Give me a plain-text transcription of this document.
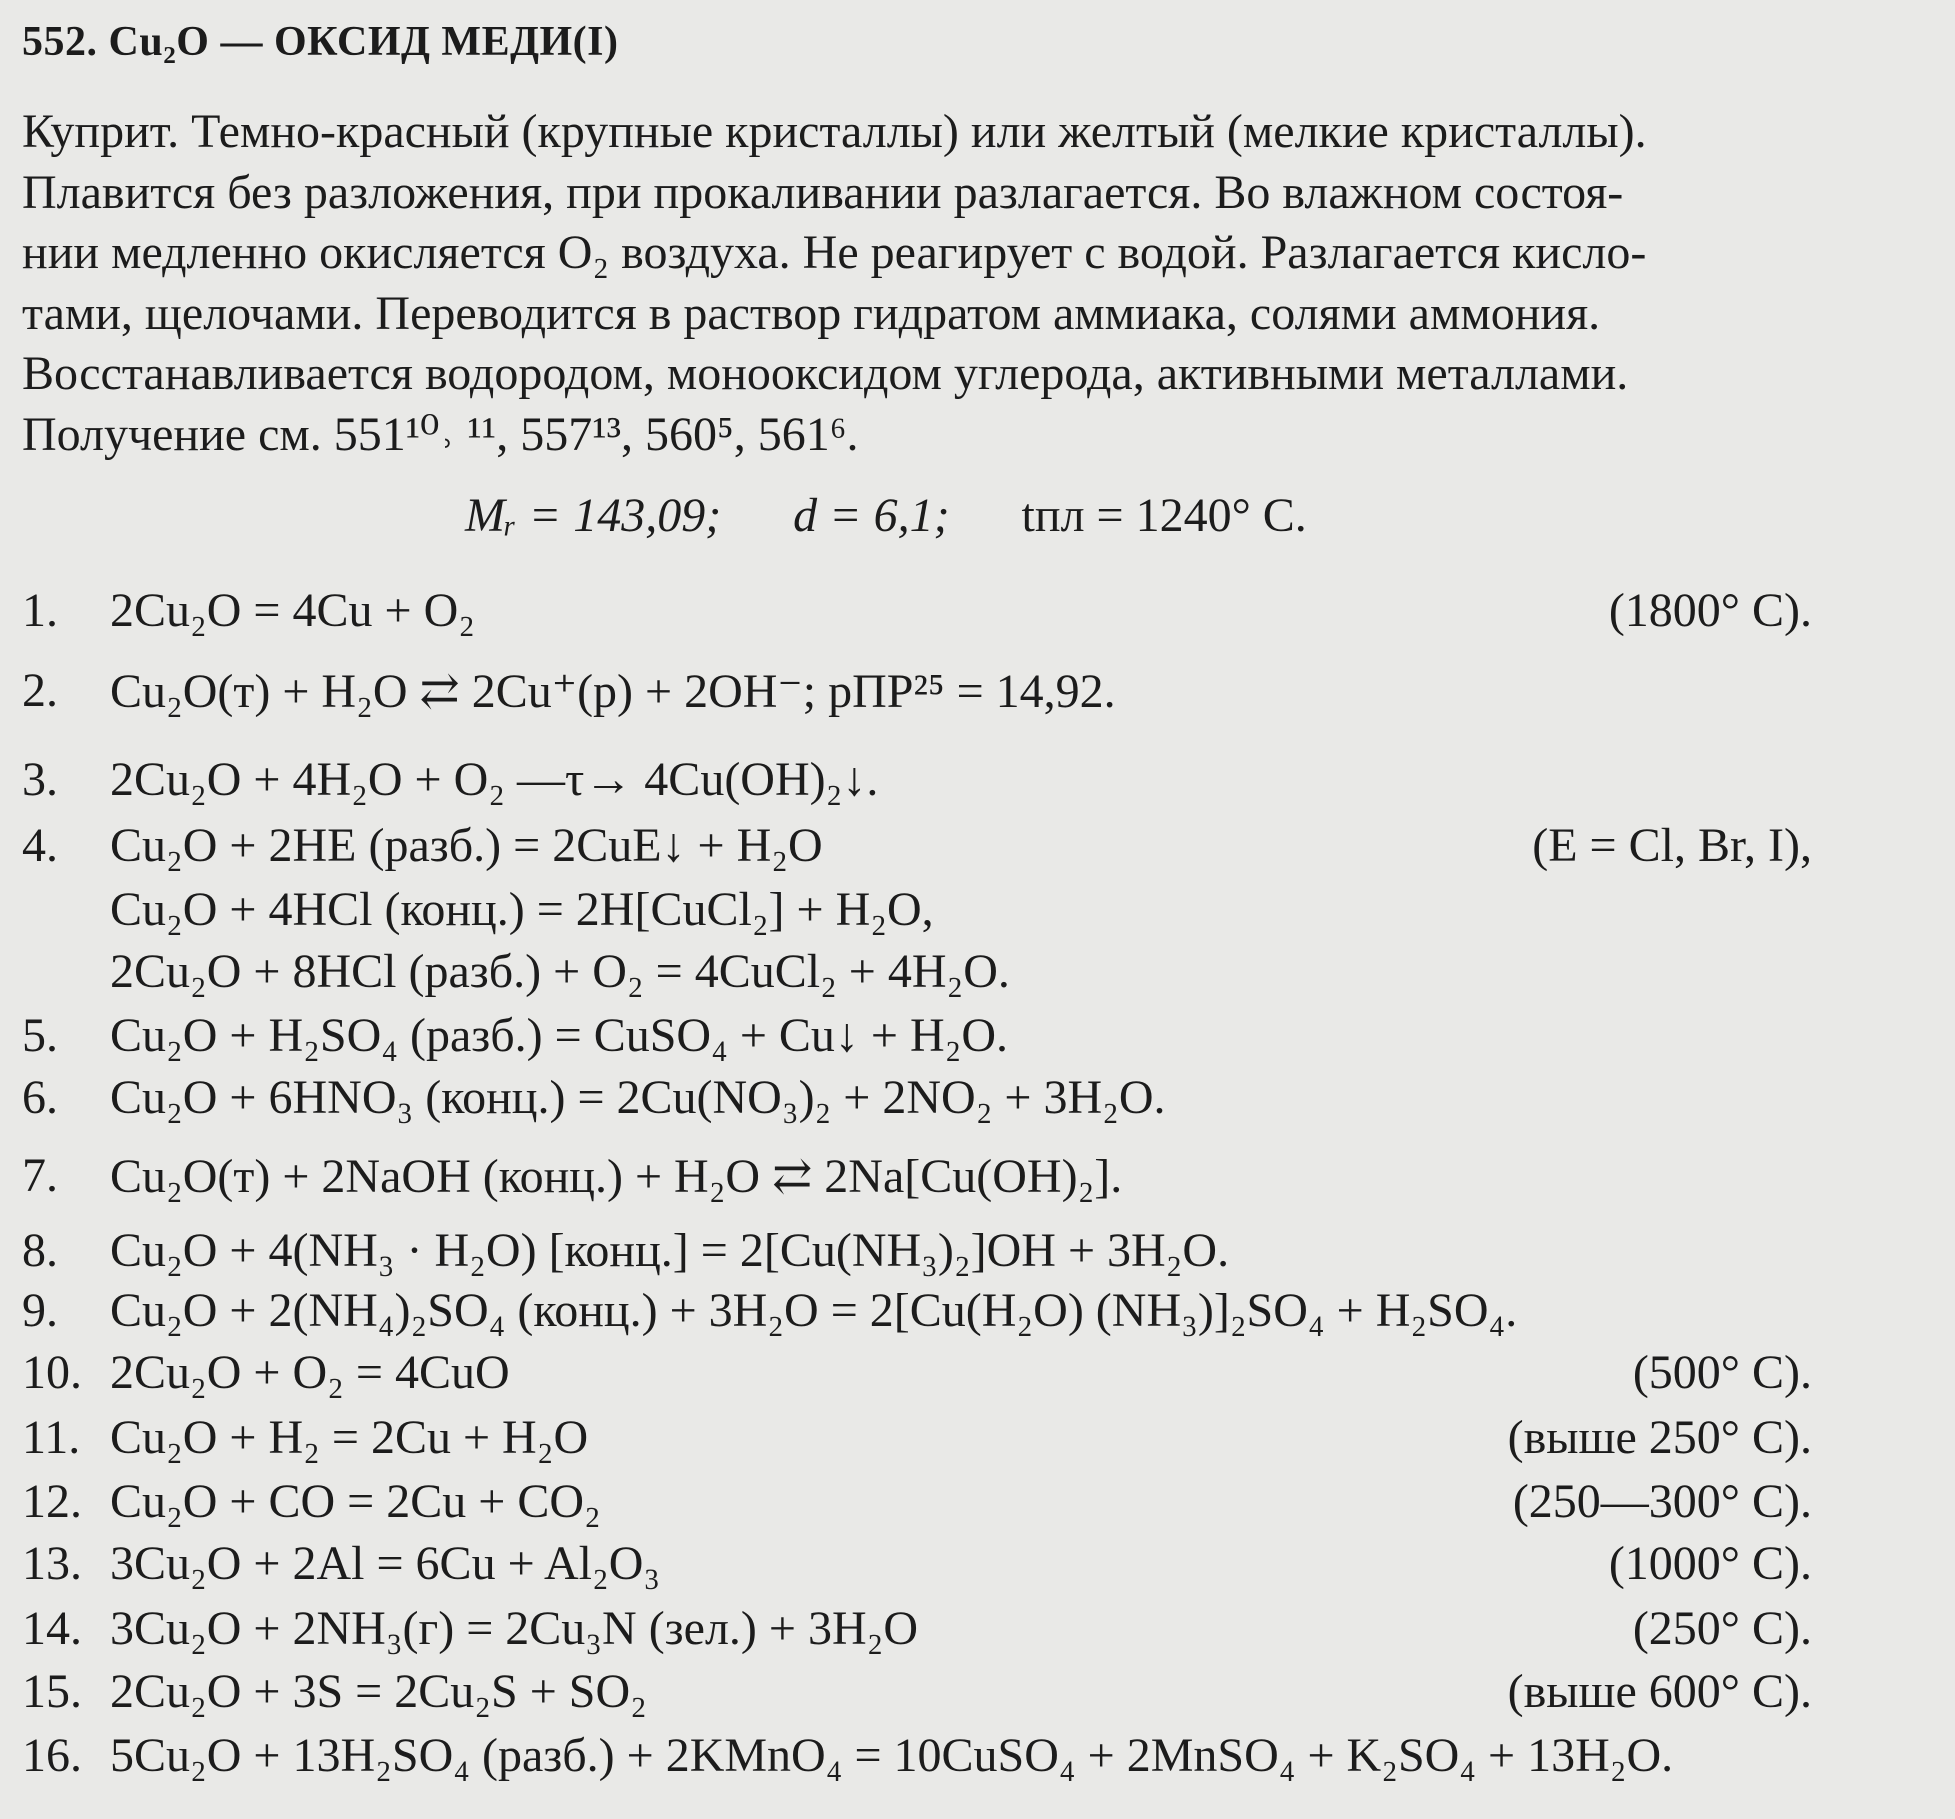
552. Cu₂O — ОКСИД МЕДИ(I)
Куприт. Темно-красный (крупные кристаллы) или желтый (мелкие кристаллы).
Плавится без разложения, при прокаливании разлагается. Во влажном состоя-
нии медленно окисляется O₂ воздуха. Не реагирует с водой. Разлагается кисло-
тами, щелочами. Переводится в раствор гидратом аммиака, солями аммония.
Восстанавливается водородом, монооксидом углерода, активными металлами.
Получение см. 551¹⁰˒ ¹¹, 557¹³, 560⁵, 561⁶.
Mᵣ = 143,09; d = 6,1; tпл = 1240° C.
1. 2Cu₂O = 4Cu + O₂	(1800° C).
2. Cu₂O(т) + H₂O ⇄ 2Cu⁺(р) + 2OH⁻; рПР²⁵ = 14,92.
3. 2Cu₂O + 4H₂O + O₂ —τ→ 4Cu(OH)₂↓.
4. Cu₂O + 2HE (разб.) = 2CuE↓ + H₂O	(E = Cl, Br, I),
Cu₂O + 4HCl (конц.) = 2H[CuCl₂] + H₂O,
2Cu₂O + 8HCl (разб.) + O₂ = 4CuCl₂ + 4H₂O.
5. Cu₂O + H₂SO₄ (разб.) = CuSO₄ + Cu↓ + H₂O.
6. Cu₂O + 6HNO₃ (конц.) = 2Cu(NO₃)₂ + 2NO₂ + 3H₂O.
7. Cu₂O(т) + 2NaOH (конц.) + H₂O ⇄ 2Na[Cu(OH)₂].
8. Cu₂O + 4(NH₃ · H₂O) [конц.] = 2[Cu(NH₃)₂]OH + 3H₂O.
9. Cu₂O + 2(NH₄)₂SO₄ (конц.) + 3H₂O = 2[Cu(H₂O) (NH₃)]₂SO₄ + H₂SO₄.
10. 2Cu₂O + O₂ = 4CuO	(500° C).
11. Cu₂O + H₂ = 2Cu + H₂O	(выше 250° C).
12. Cu₂O + CO = 2Cu + CO₂	(250—300° C).
13. 3Cu₂O + 2Al = 6Cu + Al₂O₃	(1000° C).
14. 3Cu₂O + 2NH₃(г) = 2Cu₃N (зел.) + 3H₂O	(250° C).
15. 2Cu₂O + 3S = 2Cu₂S + SO₂	(выше 600° C).
16. 5Cu₂O + 13H₂SO₄ (разб.) + 2KMnO₄ = 10CuSO₄ + 2MnSO₄ + K₂SO₄ + 13H₂O.
